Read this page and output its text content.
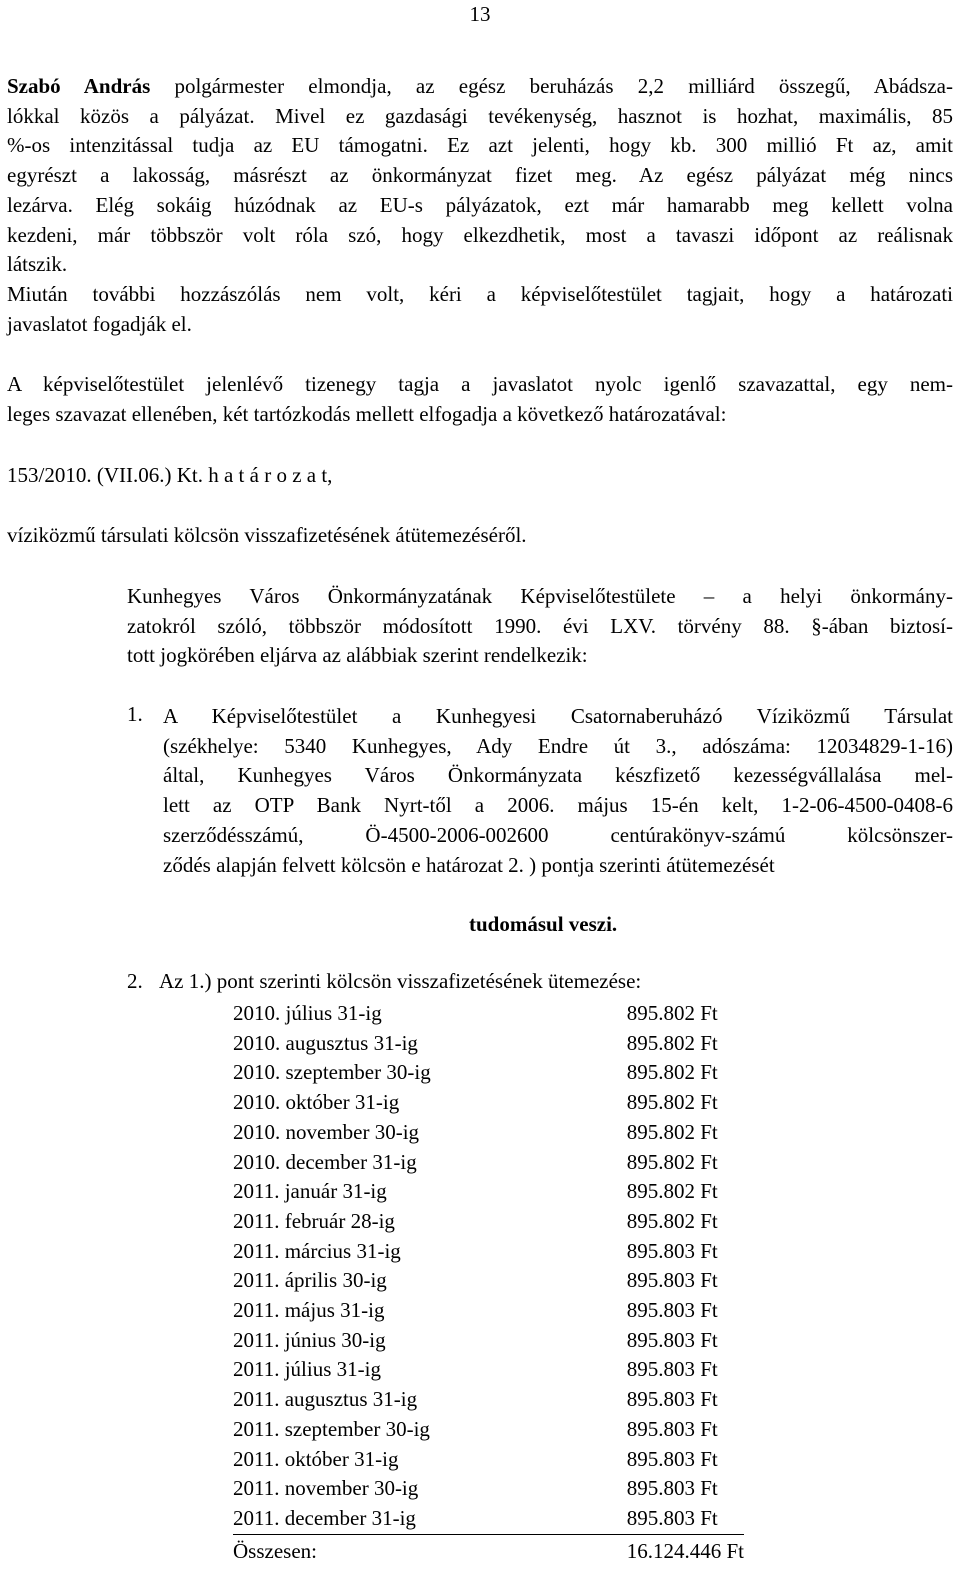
13
Szabó András polgármester elmondja, az egész beruházás 2,2 milliárd összegű, Abádsza-
lókkal közös a pályázat. Mivel ez gazdasági tevékenység, hasznot is hozhat, maximális, 85
%-os intenzitással tudja az EU támogatni. Ez azt jelenti, hogy kb. 300 millió Ft az, amit
egyrészt a lakosság, másrészt az önkormányzat fizet meg. Az egész pályázat még nincs
lezárva. Elég sokáig húzódnak az EU-s pályázatok, ezt már hamarabb meg kellett volna
kezdeni, már többször volt róla szó, hogy elkezdhetik, most a tavaszi időpont az reálisnak
látszik.
Miután további hozzászólás nem volt, kéri a képviselőtestület tagjait, hogy a határozati
javaslatot fogadják el.
A képviselőtestület jelenlévő tizenegy tagja a javaslatot nyolc igenlő szavazattal, egy nem-
leges szavazat ellenében, két tartózkodás mellett elfogadja a következő határozatával:
153/2010. (VII.06.) Kt. h a t á r o z a t,
víziközmű társulati kölcsön visszafizetésének átütemezéséről.
Kunhegyes Város Önkormányzatának Képviselőtestülete – a helyi önkormány-
zatokról szóló, többször módosított 1990. évi LXV. törvény 88. §-ában biztosí-
tott jogkörében eljárva az alábbiak szerint rendelkezik:
1. A Képviselőtestület a Kunhegyesi Csatornaberuházó Víziközmű Társulat
(székhelye: 5340 Kunhegyes, Ady Endre út 3., adószáma: 12034829-1-16)
által, Kunhegyes Város Önkormányzata készfizető kezességvállalása mel-
lett az OTP Bank Nyrt-től a 2006. május 15-én kelt, 1-2-06-4500-0408-6
szerződésszámú, Ö-4500-2006-002600 centúrakönyv-számú kölcsönszer-
ződés alapján felvett kölcsön e határozat 2. ) pontja szerinti átütemezését
tudomásul veszi.
2. Az 1.) pont szerinti kölcsön visszafizetésének ütemezése:
2010. július 31-ig	895.802 Ft
2010. augusztus 31-ig	895.802 Ft
2010. szeptember 30-ig	895.802 Ft
2010. október 31-ig	895.802 Ft
2010. november 30-ig	895.802 Ft
2010. december 31-ig	895.802 Ft
2011. január 31-ig	895.802 Ft
2011. február 28-ig	895.802 Ft
2011. március 31-ig	895.803 Ft
2011. április 30-ig	895.803 Ft
2011. május 31-ig	895.803 Ft
2011. június 30-ig	895.803 Ft
2011. július 31-ig	895.803 Ft
2011. augusztus 31-ig	895.803 Ft
2011. szeptember 30-ig	895.803 Ft
2011. október 31-ig	895.803 Ft
2011. november 30-ig	895.803 Ft
2011. december 31-ig	895.803 Ft
Összesen:	16.124.446 Ft
